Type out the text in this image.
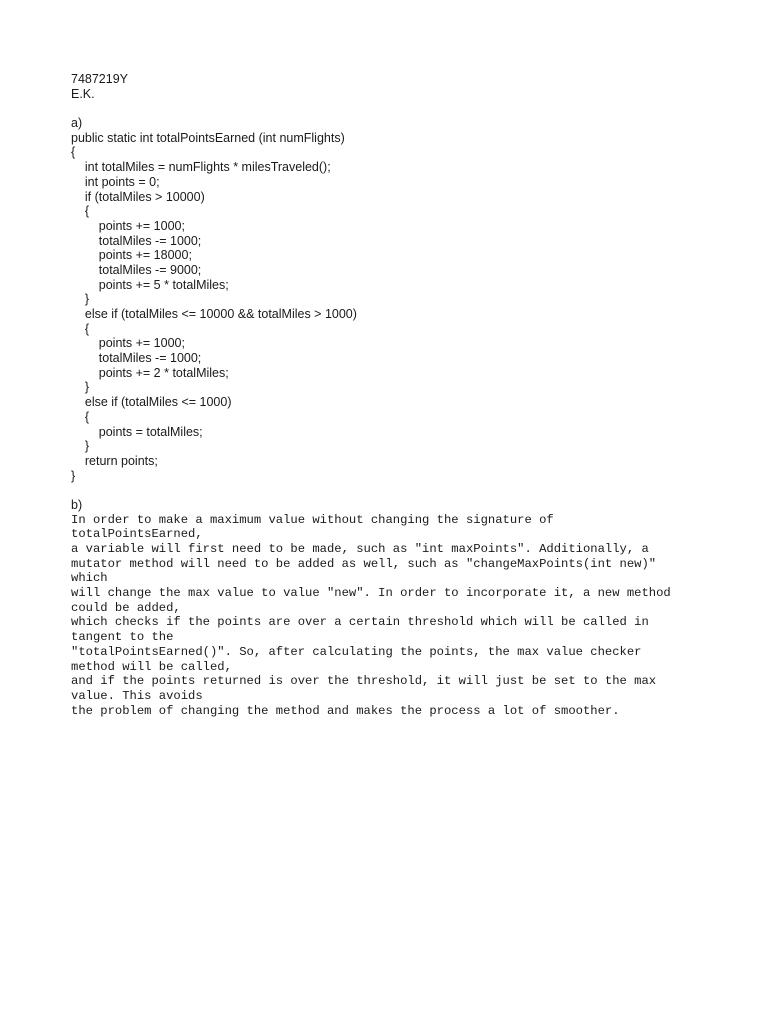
7487219Y
E.K.
a)
public static int totalPointsEarned (int numFlights)
{
int totalMiles = numFlights * milesTraveled();
int points = 0;
if (totalMiles > 10000)
{
points += 1000;
totalMiles -= 1000;
points += 18000;
totalMiles -= 9000;
points += 5 * totalMiles;
}
else if (totalMiles <= 10000 && totalMiles > 1000)
{
points += 1000;
totalMiles -= 1000;
points += 2 * totalMiles;
}
else if (totalMiles <= 1000)
{
points = totalMiles;
}
return points;
}
b)
In order to make a maximum value without changing the signature of
totalPointsEarned,
a variable will first need to be made, such as "int maxPoints". Additionally, a
mutator method will need to be added as well, such as "changeMaxPoints(int new)"
which
will change the max value to value "new". In order to incorporate it, a new method
could be added,
which checks if the points are over a certain threshold which will be called in
tangent to the
"totalPointsEarned()". So, after calculating the points, the max value checker
method will be called,
and if the points returned is over the threshold, it will just be set to the max
value. This avoids
the problem of changing the method and makes the process a lot of smoother.
